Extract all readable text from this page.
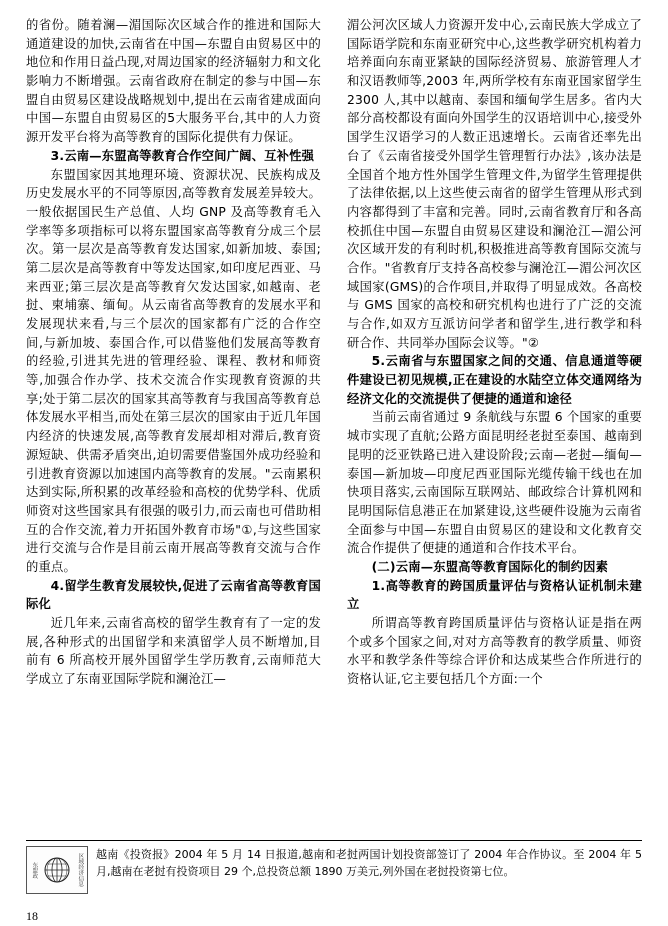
的省份。随着澜—湄国际次区域合作的推进和国际大通道建设的加快,云南省在中国—东盟自由贸易区中的地位和作用日益凸现,对周边国家的经济辐射力和文化影响力不断增强。云南省政府在制定的参与中国—东盟自由贸易区建设战略规划中,提出在云南省建成面向中国—东盟自由贸易区的5大服务平台,其中的人力资源开发平台将为高等教育的国际化提供有力保证。

3.云南—东盟高等教育合作空间广阔、互补性强

东盟国家因其地理环境、资源状况、民族构成及历史发展水平的不同等原因,高等教育发展差异较大。一般依据国民生产总值、人均 GNP 及高等教育毛入学率等多项指标可以将东盟国家高等教育分成三个层次。第一层次是高等教育发达国家,如新加坡、泰国;第二层次是高等教育中等发达国家,如印度尼西亚、马来西亚;第三层次是高等教育欠发达国家,如越南、老挝、柬埔寨、缅甸。从云南省高等教育的发展水平和发展现状来看,与三个层次的国家都有广泛的合作空间,与新加坡、泰国合作,可以借鉴他们发展高等教育的经验,引进其先进的管理经验、课程、教材和师资等,加强合作办学、技术交流合作实现教育资源的共享;处于第二层次的国家其高等教育与我国高等教育总体发展水平相当,而处在第三层次的国家由于近几年国内经济的快速发展,高等教育发展却相对滞后,教育资源短缺、供需矛盾突出,迫切需要借鉴国外成功经验和引进教育资源以加速国内高等教育的发展。"云南累积达到实际,所积累的改革经验和高校的优势学科、优质师资对这些国家具有很强的吸引力,而云南也可借助相互的合作交流,着力开拓国外教育市场"①,与这些国家进行交流与合作是目前云南开展高等教育交流与合作的重点。

4.留学生教育发展较快,促进了云南省高等教育国际化

近几年来,云南省高校的留学生教育有了一定的发展,各种形式的出国留学和来滇留学人员不断增加,目前有 6 所高校开展外国留学生学历教育,云南师范大学成立了东南亚国际学院和澜沧江—

湄公河次区域人力资源开发中心,云南民族大学成立了国际语学院和东南亚研究中心,这些教学研究机构着力培养面向东南亚紧缺的国际经济贸易、旅游管理人才和汉语教师等,2003 年,两所学校有东南亚国家留学生 2300 人,其中以越南、泰国和缅甸学生居多。省内大部分高校都设有面向外国学生的汉语培训中心,接受外国学生汉语学习的人数正迅速增长。云南省还率先出台了《云南省接受外国学生管理暂行办法》,该办法是全国首个地方性外国学生管理文件,为留学生管理提供了法律依据,以上这些使云南省的留学生管理从形式到内容都得到了丰富和完善。同时,云南省教育厅和各高校抓住中国—东盟自由贸易区建设和澜沧江—湄公河次区域开发的有利时机,积极推进高等教育国际交流与合作。"省教育厅支持各高校参与澜沧江—湄公河次区域国家(GMS)的合作项目,并取得了明显成效。各高校与 GMS 国家的高校和研究机构也进行了广泛的交流与合作,如双方互派访问学者和留学生,进行教学和科研合作、共同举办国际会议等。"②

5.云南省与东盟国家之间的交通、信息通道等硬件建设已初见规模,正在建设的水陆空立体交通网络为经济文化的交流提供了便捷的通道和途径

当前云南省通过 9 条航线与东盟 6 个国家的重要城市实现了直航;公路方面昆明经老挝至泰国、越南到昆明的泛亚铁路已进入建设阶段;云南—老挝—缅甸—泰国—新加坡—印度尼西亚国际光缆传输干线也在加快项目落实,云南国际互联网站、邮政综合计算机网和昆明国际信息港正在加紧建设,这些硬件设施为云南省全面参与中国—东盟自由贸易区的建设和文化教育交流合作提供了便捷的通道和合作技术平台。

(二)云南—东盟高等教育国际化的制约因素

1.高等教育的跨国质量评估与资格认证机制未建立

所谓高等教育跨国质量评估与资格认证是指在两个或多个国家之间,对对方高等教育的教学质量、师资水平和教学条件等综合评价和达成某些合作所进行的资格认证,它主要包括几个方面:一个

东盟政	区域经济信息	越南《投资报》2004 年 5 月 14 日报道,越南和老挝两国计划投资部签订了 2004 年合作协议。至 2004 年 5 月,越南在老挝有投资项目 29 个,总投资总额 1890 万美元,列外国在老挝投资第七位。
18
